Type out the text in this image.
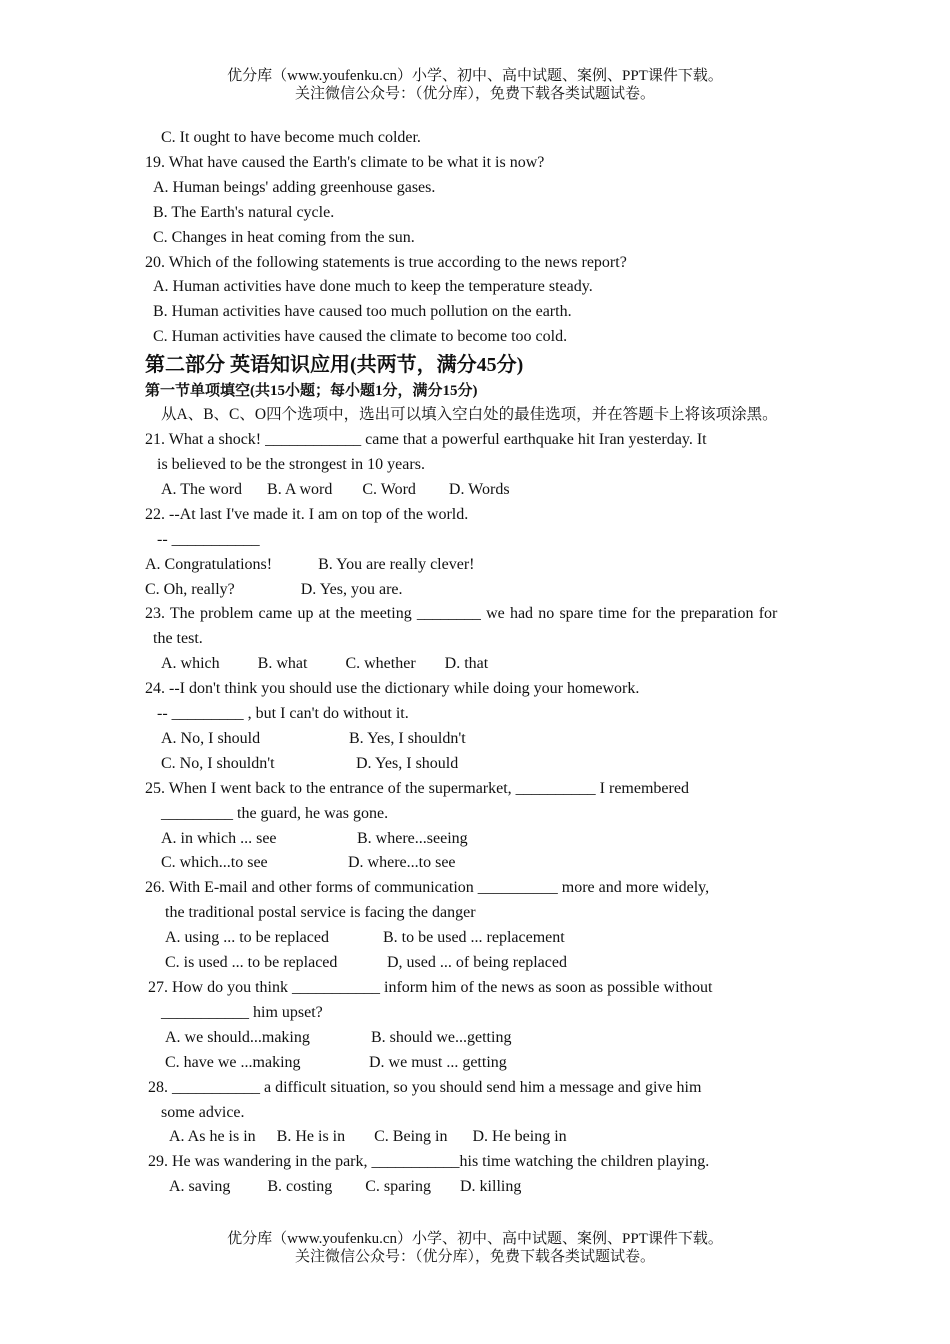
优分库（www.youfenku.cn）小学、初中、高中试题、案例、PPT课件下载。
关注微信公众号：（优分库），免费下载各类试题试卷。
C. It ought to have become much colder.
19. What have caused the Earth's climate to be what it is now?
A. Human beings' adding greenhouse gases.
B. The Earth's natural cycle.
C. Changes in heat coming from the sun.
20. Which of the following statements is true according to the news report?
A. Human activities have done much to keep the temperature steady.
B. Human activities have caused too much pollution on the earth.
C. Human activities have caused the climate to become too cold.
第二部分 英语知识应用(共两节，满分45分)
第一节单项填空(共15小题；每小题1分，满分15分)
从A、B、C、O四个选项中，选出可以填入空白处的最佳选项，并在答题卡上将该项涂黑。
21. What a shock! ____________ came that a powerful earthquake hit Iran yesterday. It
is believed to be the strongest in 10 years.
A. The word B. A word C. Word D. Words
22. --At last I've made it. I am on top of the world.
-- ___________
A. Congratulations!	B. You are really clever!
C. Oh, really?	D. Yes, you are.
23. The problem came up at the meeting ________ we had no spare time for the preparation for
the test.
A. which B. what C. whether D. that
24. --I don't think you should use the dictionary while doing your homework.
-- _________ , but I can't do without it.
A. No, I should	B. Yes, I shouldn't
C. No, I shouldn't	D. Yes, I should
25. When I went back to the entrance of the supermarket, __________ I remembered
_________ the guard, he was gone.
A. in which ... see	B. where...seeing
C. which...to see	D. where...to see
26. With E-mail and other forms of communication __________ more and more widely,
the traditional postal service is facing the danger
A. using ... to be replaced	B. to be used ... replacement
C. is used ... to be replaced	D, used ... of being replaced
27. How do you think ___________ inform him of the news as soon as possible without
___________ him upset?
A. we should...making	B. should we...getting
C. have we ...making	D. we must ... getting
28. ___________ a difficult situation, so you should send him a message and give him
some advice.
A. As he is in B. He is in C. Being in D. He being in
29. He was wandering in the park, ___________his time watching the children playing.
A. saving B. costing C. sparing D. killing
优分库（www.youfenku.cn）小学、初中、高中试题、案例、PPT课件下载。
关注微信公众号：（优分库），免费下载各类试题试卷。
